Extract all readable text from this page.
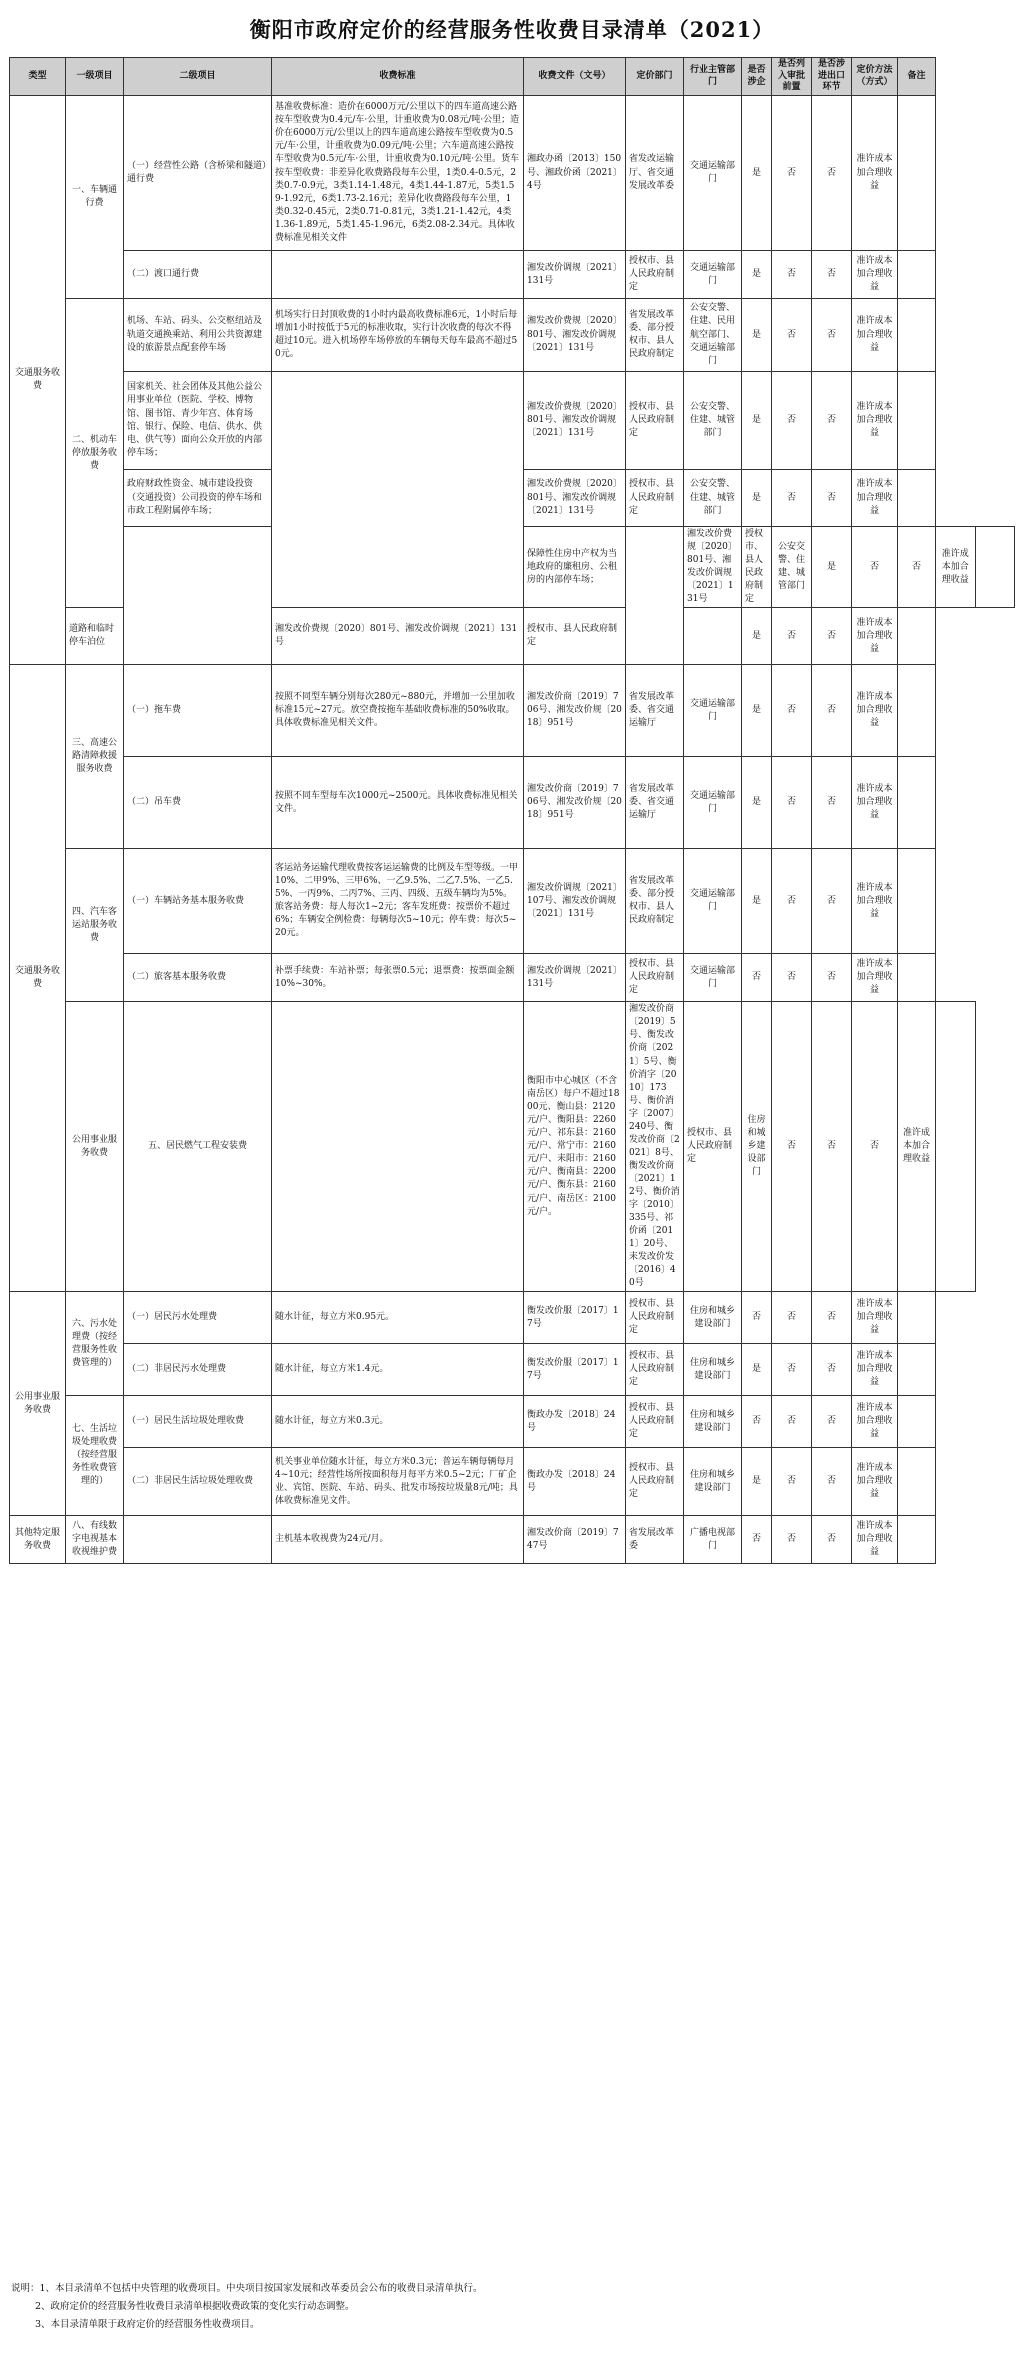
衡阳市政府定价的经营服务性收费目录清单（2021）
类型	一级项目	二级项目	收费标准	收费文件（文号）	定价部门	行业主管部门	是否涉企	是否列入审批前置	是否涉进出口环节	定价方法（方式）	备注		
交通服务收费	一、车辆通行费	（一）经营性公路（含桥梁和隧道）通行费	基准收费标准：造价在6000万元/公里以下的四车道高速公路按车型收费为0.4元/车·公里，计重收费为0.08元/吨·公里；造价在6000万元/公里以上的四车道高速公路按车型收费为0.5元/车·公里，计重收费为0.09元/吨·公里；六车道高速公路按车型收费为0.5元/车·公里，计重收费为0.10元/吨·公里。货车按车型收费：非差异化收费路段每车公里，1类0.4-0.5元，2类0.7-0.9元，3类1.14-1.48元，4类1.44-1.87元，5类1.59-1.92元，6类1.73-2.16元；差异化收费路段每车公里，1类0.32-0.45元，2类0.71-0.81元，3类1.21-1.42元，4类1.36-1.89元，5类1.45-1.96元，6类2.08-2.34元。具体收费标准见相关文件	湘政办函〔2013〕150号、湘政价函〔2021〕4号	省发改运输厅、省交通发展改革委	交通运输部门	是	否	否	准许成本加合理收益			
		（二）渡口通行费		湘发改价调规〔2021〕131号	授权市、县人民政府制定	交通运输部门	是	否	否	准许成本加合理收益			
	二、机动车停放服务收费	机场、车站、码头、公交枢纽站及轨道交通换乘站、利用公共资源建设的旅游景点配套停车场	机场实行日封顶收费的1小时内最高收费标准6元，1小时后每增加1小时按低于5元的标准收取，实行计次收费的每次不得超过10元。进入机场停车场停放的车辆每天每车最高不超过50元。	湘发改价费规〔2020〕801号、湘发改价调规〔2021〕131号	省发展改革委、部分授权市、县人民政府制定	公安交警、住建、民用航空部门、交通运输部门	是	否	否	准许成本加合理收益			
		国家机关、社会团体及其他公益公用事业单位（医院、学校、博物馆、图书馆、青少年宫、体育场馆、银行、保险、电信、供水、供电、供气等）面向公众开放的内部停车场；		湘发改价费规〔2020〕801号、湘发改价调规〔2021〕131号	授权市、县人民政府制定	公安交警、住建、城管部门	是	否	否	准许成本加合理收益			
		政府财政性资金、城市建设投资（交通投资）公司投资的停车场和市政工程附属停车场；		湘发改价费规〔2020〕801号、湘发改价调规〔2021〕131号	授权市、县人民政府制定	公安交警、住建、城管部门	是	否	否	准许成本加合理收益			
				保障性住房中产权为当地政府的廉租房、公租房的内部停车场；		湘发改价费规〔2020〕801号、湘发改价调规〔2021〕131号	授权市、县人民政府制定	公安交警、住建、城管部门	是	否	否	准许成本加合理收益	
	道路和临时停车泊位		湘发改价费规〔2020〕801号、湘发改价调规〔2021〕131号	授权市、县人民政府制定			是	否	否	准许成本加合理收益			
交通服务收费	三、高速公路清障救援服务收费	（一）拖车费	按照不同型车辆分别每次280元~880元，并增加一公里加收标准15元~27元。放空费按拖车基础收费标准的50%收取。具体收费标准见相关文件。	湘发改价商〔2019〕706号、湘发改价规〔2018〕951号	省发展改革委、省交通运输厅	交通运输部门	是	否	否	准许成本加合理收益			
		（二）吊车费	按照不同车型每车次1000元~2500元。具体收费标准见相关文件。	湘发改价商〔2019〕706号、湘发改价规〔2018〕951号	省发展改革委、省交通运输厅	交通运输部门	是	否	否	准许成本加合理收益			
	四、汽车客运站服务收费	（一）车辆站务基本服务收费	客运站务运输代理收费按客运运输费的比例及车型等级。一甲10%、二甲9%、三甲6%、一乙9.5%、二乙7.5%、一乙5.5%、一丙9%、二丙7%、三丙、四级、五级车辆均为5%。旅客站务费：每人每次1~2元；客车发班费：按票价不超过6%；车辆安全例检费：每辆每次5~10元；停车费：每次5~20元。	湘发改价调规〔2021〕107号、湘发改价调规〔2021〕131号	省发展改革委、部分授权市、县人民政府制定	交通运输部门	是	否	否	准许成本加合理收益			
		（二）旅客基本服务收费	补票手续费：车站补票；每张票0.5元；退票费：按票面金额10%~30%。	湘发改价调规〔2021〕131号	授权市、县人民政府制定	交通运输部门	否	否	否	准许成本加合理收益			
	公用事业服务收费	五、居民燃气工程安装费		衡阳市中心城区（不含南岳区）每户不超过1800元、衡山县：2120元/户、衡阳县：2260元/户、祁东县：2160元/户、常宁市：2160元/户、耒阳市：2160元/户、衡南县：2200元/户、衡东县：2160元/户、南岳区：2100元/户。	湘发改价商〔2019〕5号、衡发改价商〔2021〕5号、衡价消字〔2010〕173号、衡价消字〔2007〕240号、衡发改价商〔2021〕8号、衡发改价商〔2021〕12号、衡价消字〔2010〕335号、祁价函〔2011〕20号、耒发改价发〔2016〕40号	授权市、县人民政府制定	住房和城乡建设部门	否	否	否	准许成本加合理收益		
公用事业服务收费	六、污水处理费（按经营服务性收费管理的）	（一）居民污水处理费	随水计征，每立方米0.95元。	衡发改价服〔2017〕17号	授权市、县人民政府制定	住房和城乡建设部门	否	否	否	准许成本加合理收益			
		（二）非居民污水处理费	随水计征，每立方米1.4元。	衡发改价服〔2017〕17号	授权市、县人民政府制定	住房和城乡建设部门	是	否	否	准许成本加合理收益			
	七、生活垃圾处理收费（按经营服务性收费管理的）	（一）居民生活垃圾处理收费	随水计征，每立方米0.3元。	衡政办发〔2018〕24号	授权市、县人民政府制定	住房和城乡建设部门	否	否	否	准许成本加合理收益			
		（二）非居民生活垃圾处理收费	机关事业单位随水计征，每立方米0.3元；普运车辆每辆每月4~10元；经营性场所按面积每月每平方米0.5~2元；厂矿企业、宾馆、医院、车站、码头、批发市场按垃圾量8元/吨；具体收费标准见文件。	衡政办发〔2018〕24号	授权市、县人民政府制定	住房和城乡建设部门	是	否	否	准许成本加合理收益			
其他特定服务收费	八、有线数字电视基本收视维护费		主机基本收视费为24元/月。	湘发改价商〔2019〕747号	省发展改革委	广播电视部门	否	否	否	准许成本加合理收益			
说明：1、本目录清单不包括中央管理的收费项目。中央项目按国家发展和改革委员会公布的收费目录清单执行。
2、政府定价的经营服务性收费目录清单根据收费政策的变化实行动态调整。
3、本目录清单限于政府定价的经营服务性收费项目。
